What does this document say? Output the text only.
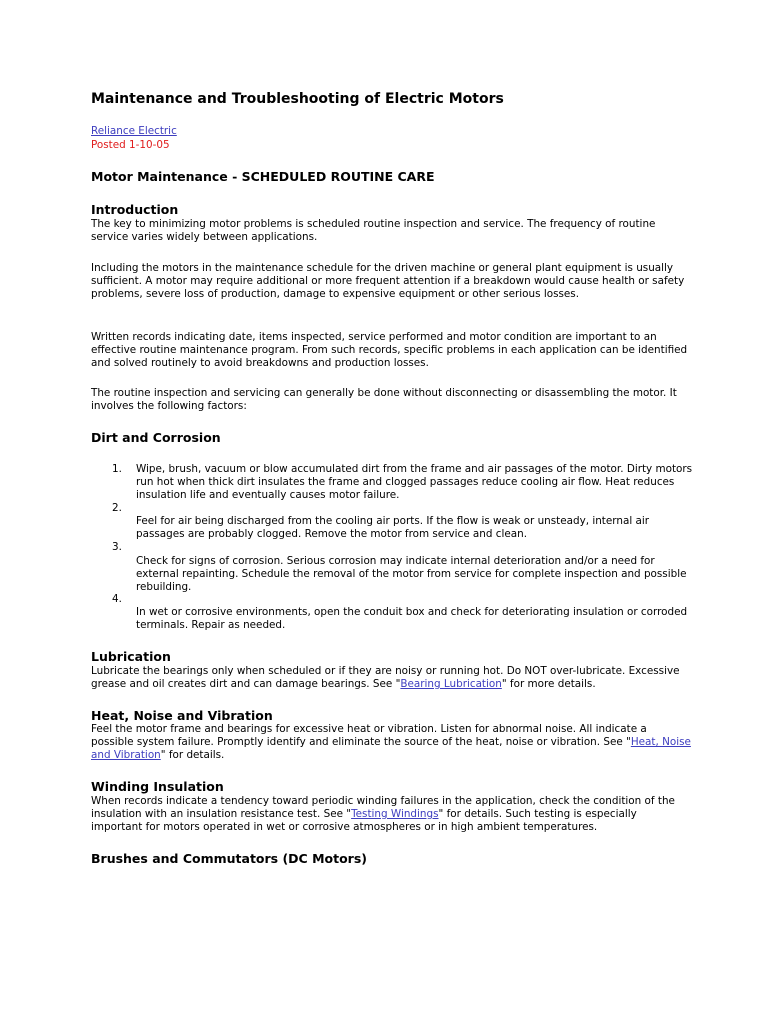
Maintenance and Troubleshooting of Electric Motors
Reliance Electric
Posted 1-10-05
Motor Maintenance - SCHEDULED ROUTINE CARE
Introduction

The key to minimizing motor problems is scheduled routine inspection and service. The frequency of routine service varies widely between applications.

Including the motors in the maintenance schedule for the driven machine or general plant equipment is usually sufficient. A motor may require additional or more frequent attention if a breakdown would cause health or safety problems, severe loss of production, damage to expensive equipment or other serious losses.

Written records indicating date, items inspected, service performed and motor condition are important to an effective routine maintenance program. From such records, specific problems in each application can be identified and solved routinely to avoid breakdowns and production losses.

The routine inspection and servicing can generally be done without disconnecting or disassembling the motor. It involves the following factors:

Dirt and Corrosion
1. Wipe, brush, vacuum or blow accumulated dirt from the frame and air passages of the motor. Dirty motors run hot when thick dirt insulates the frame and clogged passages reduce cooling air flow. Heat reduces insulation life and eventually causes motor failure.

2.

Feel for air being discharged from the cooling air ports. If the flow is weak or unsteady, internal air passages are probably clogged. Remove the motor from service and clean.

3.

Check for signs of corrosion. Serious corrosion may indicate internal deterioration and/or a need for external repainting. Schedule the removal of the motor from service for complete inspection and possible rebuilding.

4.

In wet or corrosive environments, open the conduit box and check for deteriorating insulation or corroded terminals. Repair as needed.

Lubrication

Lubricate the bearings only when scheduled or if they are noisy or running hot. Do NOT over-lubricate. Excessive grease and oil creates dirt and can damage bearings. See "Bearing Lubrication" for more details.

Heat, Noise and Vibration

Feel the motor frame and bearings for excessive heat or vibration. Listen for abnormal noise. All indicate a possible system failure. Promptly identify and eliminate the source of the heat, noise or vibration. See "Heat, Noise and Vibration" for details.

Winding Insulation

When records indicate a tendency toward periodic winding failures in the application, check the condition of the insulation with an insulation resistance test. See "Testing Windings" for details. Such testing is especially important for motors operated in wet or corrosive atmospheres or in high ambient temperatures.

Brushes and Commutators (DC Motors)
